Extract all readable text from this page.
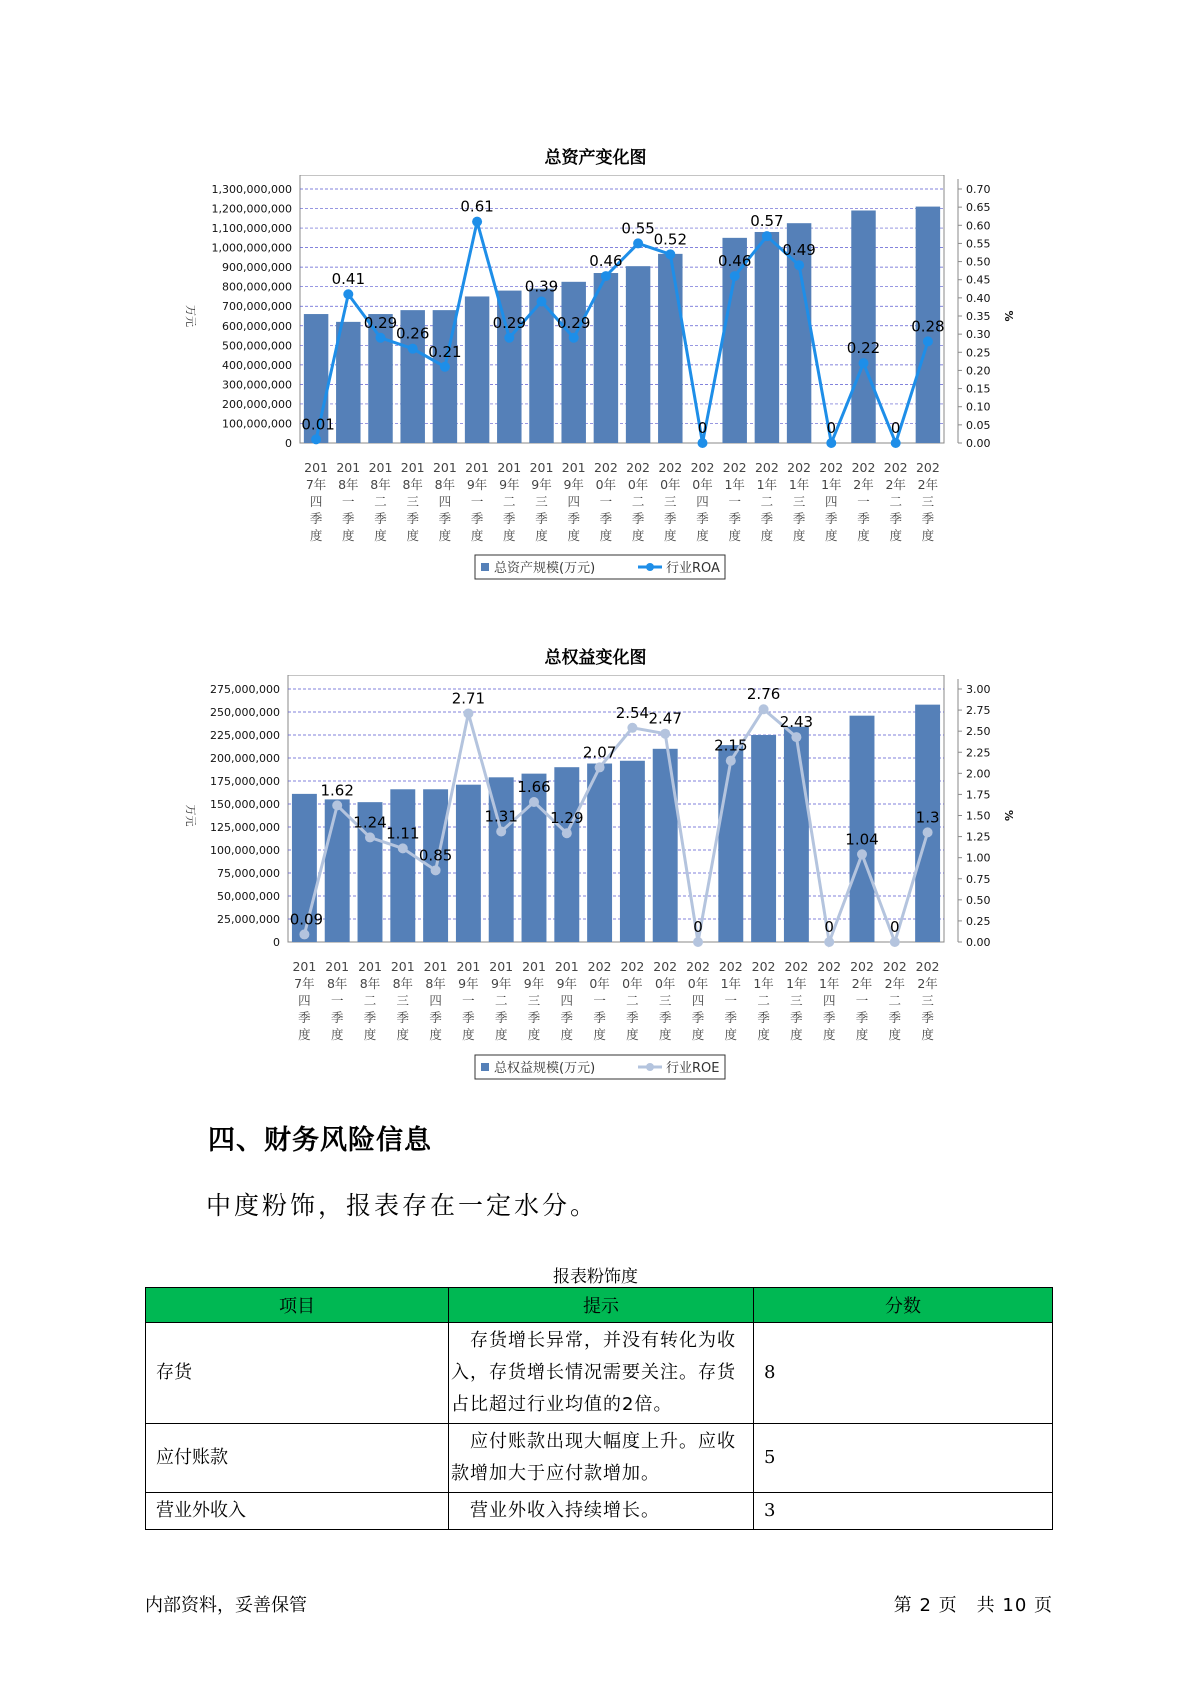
总资产变化图
0
100,000,000
200,000,000
300,000,000
400,000,000
500,000,000
600,000,000
700,000,000
800,000,000
900,000,000
1,000,000,000
1,100,000,000
1,200,000,000
1,300,000,000
0.00
0.05
0.10
0.15
0.20
0.25
0.30
0.35
0.40
0.45
0.50
0.55
0.60
0.65
0.70
万元	%
0.01
0.41
0.29
0.26
0.21
0.61
0.29
0.39
0.29
0.46
0.55
0.52
0
0.46
0.57
0.49
0
0.22
0
0.28
201
7年
四
季
度
201
8年
一
季
度
201
8年
二
季
度
201
8年
三
季
度
201
8年
四
季
度
201
9年
一
季
度
201
9年
二
季
度
201
9年
三
季
度
201
9年
四
季
度
202
0年
一
季
度
202
0年
二
季
度
202
0年
三
季
度
202
0年
四
季
度
202
1年
一
季
度
202
1年
二
季
度
202
1年
三
季
度
202
1年
四
季
度
202
2年
一
季
度
202
2年
二
季
度
202
2年
三
季
度
总资产规模(万元)	行业ROA
总权益变化图
0
25,000,000
50,000,000
75,000,000
100,000,000
125,000,000
150,000,000
175,000,000
200,000,000
225,000,000
250,000,000
275,000,000
0.00
0.25
0.50
0.75
1.00
1.25
1.50
1.75
2.00
2.25
2.50
2.75
3.00
万元	%
0.09
1.62
1.24
1.11
0.85
2.71
1.31
1.66
1.29
2.07
2.54 2.47
0
2.15
2.76
2.43
0
1.04
0
1.3
201
7年
四
季
度
201
8年
一
季
度
201
8年
二
季
度
201
8年
三
季
度
201
8年
四
季
度
201
9年
一
季
度
201
9年
二
季
度
201
9年
三
季
度
201
9年
四
季
度
202
0年
一
季
度
202
0年
二
季
度
202
0年
三
季
度
202
0年
四
季
度
202
1年
一
季
度
202
1年
二
季
度
202
1年
三
季
度
202
1年
四
季
度
202
2年
一
季
度
202
2年
二
季
度
202
2年
三
季
度
总权益规模(万元)	行业ROE
四、财务风险信息
中度粉饰，报表存在一定水分。
报表粉饰度
项目	提示	分数
存货	　存货增长异常，并没有转化为收入，存货增长情况需要关注。存货占比超过行业均值的2倍。	8
应付账款	　应付账款出现大幅度上升。应收款增加大于应付款增加。	5
营业外收入	　营业外收入持续增长。	3
内部资料，妥善保管	第 2 页　共 10 页
